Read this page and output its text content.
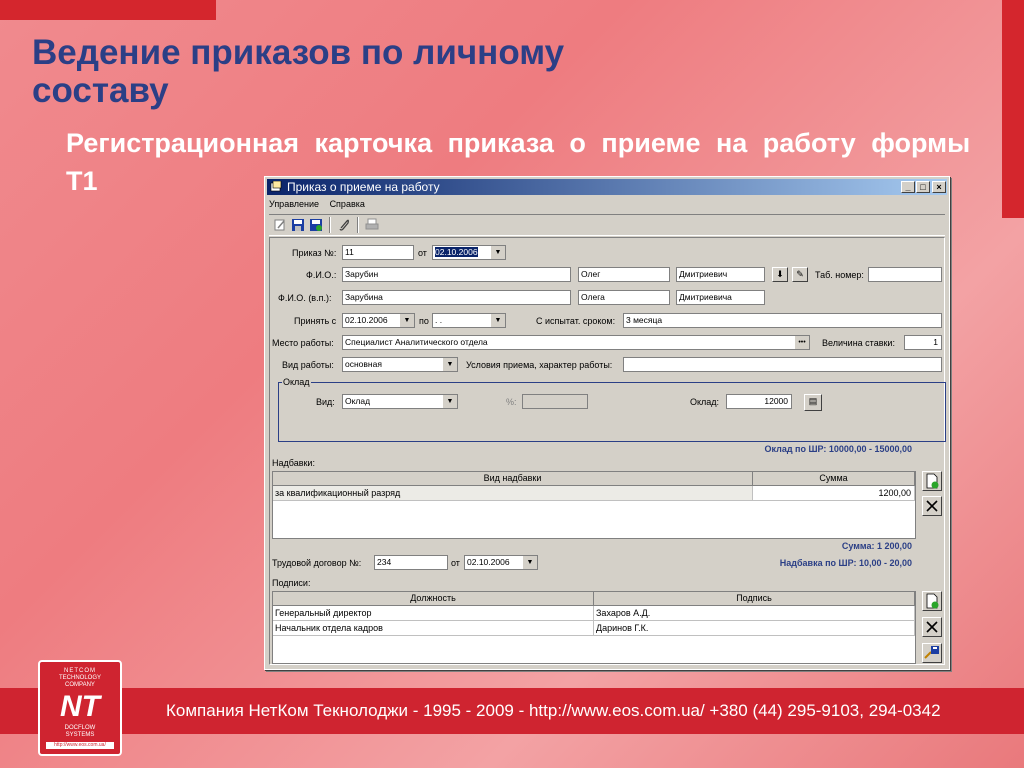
Ведение приказов по личному составу
Регистрационная карточка приказа о приеме на работу формы Т1	Приказ о приеме на работу	_	□	×
Управление Справка
Приказ №:	11	от 02.10.2006	▼
Ф.И.О.:	Зарубин	Олег	Дмитриевич	⬇	✎	Таб. номер:
Ф.И.О. (в.п.):	Зарубина	Олега	Дмитриевича
Принять с	02.10.2006	▼ по . .	▼	С испытат. сроком:	3 месяца
Место работы:	Специалист Аналитического отдела	•••	Величина ставки:	1
Вид работы:	основная	▼	Условия приема, характер работы:
Оклад
Вид:	Оклад	▼	%:	Оклад:	12000	▤
Оклад по ШР: 10000,00 - 15000,00
Надбавки:
Вид надбавки	Сумма
за квалификационный разряд	1200,00
Сумма: 1 200,00
Трудовой договор №:	234	от 02.10.2006	▼	Надбавка по ШР: 10,00 - 20,00
Подписи:
Должность	Подпись
Генеральный директор	Захаров А.Д.
Начальник отдела кадров	Даринов Г.К.
Компания НетКом Текнолоджи - 1995 - 2009 - http://www.eos.com.ua/ +380 (44) 295-9103, 294-0342
NETCOM
TECHNOLOGY
COMPANY
NT
DOCFLOW
SYSTEMS
http://www.eos.com.ua/
